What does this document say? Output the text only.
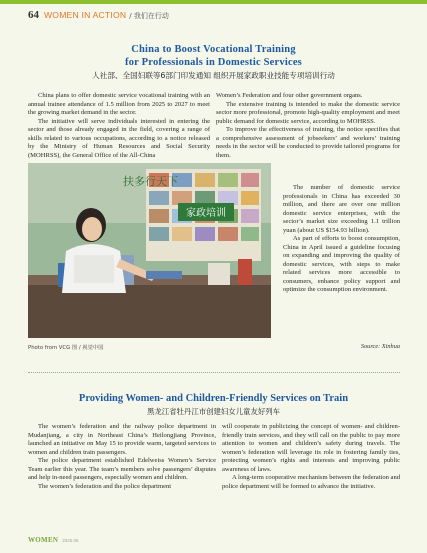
64 WOMEN IN ACTION / 我们在行动
China to Boost Vocational Training
for Professionals in Domestic Services
人社部、全国妇联等6部门印发通知 组织开展家政职业技能专项培训行动

China plans to offer domestic service vocational training with an annual trainee attendance of 1.5 million from 2025 to 2027 to meet the growing market demand in the sector.

The initiative will serve individuals interested in entering the sector and those already engaged in the field, covering a range of skills related to various occupations, according to a notice released by the Ministry of Human Resources and Social Security (MOHRSS), the General Office of the All-China

Women’s Federation and four other government organs.

The extensive training is intended to make the domestic service sector more professional, promote high-quality employment and meet public demand for domestic service, according to MOHRSS.

To improve the effectiveness of training, the notice specifies that a comprehensive assessment of jobseekers’ and workers’ training needs in the sector will be conducted to provide tailored programs for them.

扶多行天下
家政培训

The number of domestic service professionals in China has exceeded 30 million, and there are over one million domestic service enterprises, with the sector’s market size exceeding 1.1 trillion yuan (about US $154.93 billion).

As part of efforts to boost consumption, China in April issued a guideline focusing on expanding and improving the quality of domestic services, with steps to make related services more accessible to consumers, enhance policy support and optimize the consumption environment.

Photo from VCG 图 / 视觉中国	Source: Xinhua
Providing Women- and Children-Friendly Services on Train
黑龙江省牡丹江市创建妇女儿童友好列车

The women’s federation and the railway police department in Mudanjiang, a city in Northeast China’s Heilongjiang Province, launched an initiative on May 15 to provide warm, targeted services to women and children train passengers.

The police department established Edelweiss Women’s Service Team earlier this year. The team’s members solve passengers’ disputes and help in-need passengers, especially women and children.

The women’s federation and the police department

will cooperate in publicizing the concept of women- and children-friendly train services, and they will call on the public to pay more attention to women and children’s safety during travels. The women’s federation will leverage its role in fostering family ties, protecting women’s rights and interests and improving public awareness of laws.

A long-term cooperative mechanism between the federation and police department will be formed to advance the initiative.

WOMEN 2025.06
